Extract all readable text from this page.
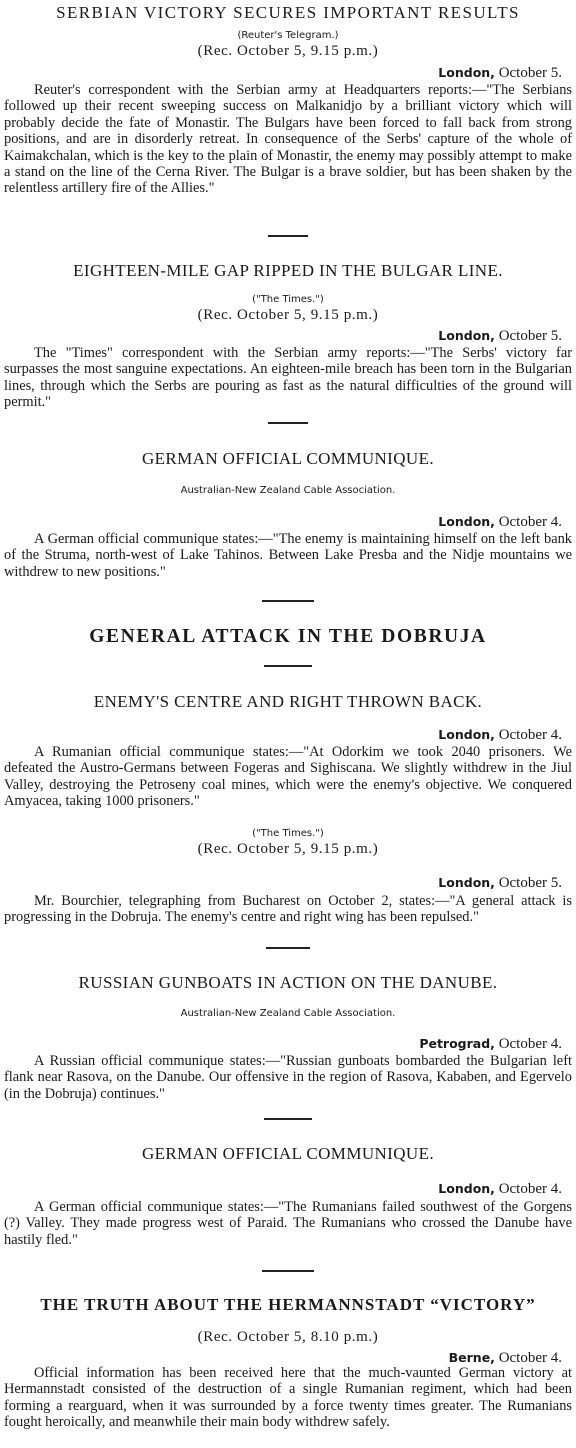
SERBIAN VICTORY SECURES IMPORTANT RESULTS
(Reuter's Telegram.)
(Rec. October 5, 9.15 p.m.)
London, October 5.

Reuter's correspondent with the Serbian army at Headquarters reports:—"The Serbians followed up their recent sweeping success on Malkanidjo by a brilliant victory which will probably decide the fate of Monastir. The Bulgars have been forced to fall back from strong positions, and are in disorderly retreat. In consequence of the Serbs' capture of the whole of Kaimakchalan, which is the key to the plain of Monastir, the enemy may possibly attempt to make a stand on the line of the Cerna River. The Bulgar is a brave soldier, but has been shaken by the relentless artillery fire of the Allies."

EIGHTEEN-MILE GAP RIPPED IN THE BULGAR LINE.
("The Times.")
(Rec. October 5, 9.15 p.m.)
London, October 5.

The "Times" correspondent with the Serbian army reports:—"The Serbs' victory far surpasses the most sanguine expectations. An eighteen-mile breach has been torn in the Bulgarian lines, through which the Serbs are pouring as fast as the natural difficulties of the ground will permit."

GERMAN OFFICIAL COMMUNIQUE.
Australian-New Zealand Cable Association.
London, October 4.

A German official communique states:—"The enemy is maintaining himself on the left bank of the Struma, north-west of Lake Tahinos. Between Lake Presba and the Nidje mountains we withdrew to new positions."

GENERAL ATTACK IN THE DOBRUJA
ENEMY'S CENTRE AND RIGHT THROWN BACK.
London, October 4.

A Rumanian official communique states:—"At Odorkim we took 2040 prisoners. We defeated the Austro-Germans between Fogeras and Sighiscana. We slightly withdrew in the Jiul Valley, destroying the Petroseny coal mines, which were the enemy's objective. We conquered Amyacea, taking 1000 prisoners."

("The Times.")
(Rec. October 5, 9.15 p.m.)
London, October 5.

Mr. Bourchier, telegraphing from Bucharest on October 2, states:—"A general attack is progressing in the Dobruja. The enemy's centre and right wing has been repulsed."

RUSSIAN GUNBOATS IN ACTION ON THE DANUBE.
Australian-New Zealand Cable Association.
Petrograd, October 4.

A Russian official communique states:—"Russian gunboats bombarded the Bulgarian left flank near Rasova, on the Danube. Our offensive in the region of Rasova, Kababen, and Egervelo (in the Dobruja) continues."

GERMAN OFFICIAL COMMUNIQUE.
London, October 4.

A German official communique states:—"The Rumanians failed southwest of the Gorgens (?) Valley. They made progress west of Paraid. The Rumanians who crossed the Danube have hastily fled."

THE TRUTH ABOUT THE HERMANNSTADT “VICTORY”
(Rec. October 5, 8.10 p.m.)
Berne, October 4.

Official information has been received here that the much-vaunted German victory at Hermannstadt consisted of the destruction of a single Rumanian regiment, which had been forming a rearguard, when it was surrounded by a force twenty times greater. The Rumanians fought heroically, and meanwhile their main body withdrew safely.
